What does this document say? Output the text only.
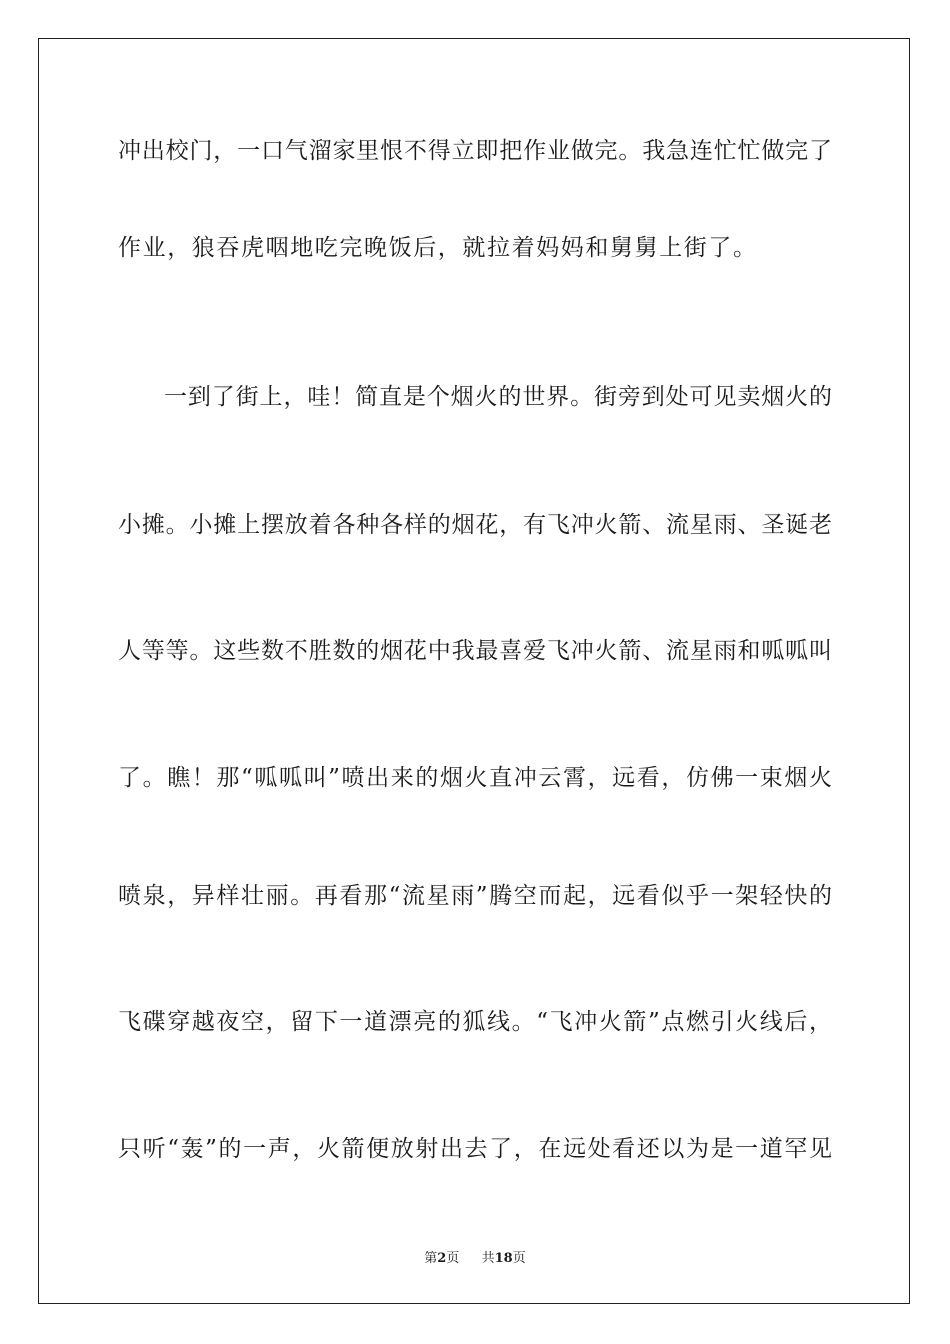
冲出校门，一口气溜家里恨不得立即把作业做完。我急连忙忙做完了
作业，狼吞虎咽地吃完晚饭后，就拉着妈妈和舅舅上街了。
一到了街上，哇！简直是个烟火的世界。街旁到处可见卖烟火的
小摊。小摊上摆放着各种各样的烟花，有飞冲火箭、流星雨、圣诞老
人等等。这些数不胜数的烟花中我最喜爱飞冲火箭、流星雨和呱呱叫
了。瞧！那“呱呱叫”喷出来的烟火直冲云霄，远看，仿佛一束烟火
喷泉，异样壮丽。再看那“流星雨”腾空而起，远看似乎一架轻快的
飞碟穿越夜空，留下一道漂亮的狐线。“飞冲火箭”点燃引火线后，
只听“轰”的一声，火箭便放射出去了，在远处看还以为是一道罕见
第2页 共18页
